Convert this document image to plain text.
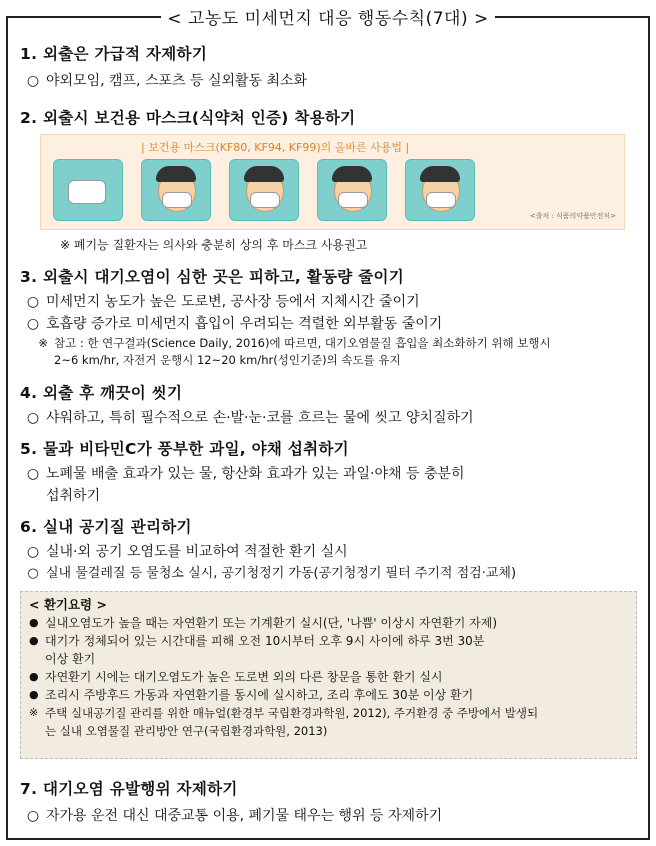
< 고농도 미세먼지 대응 행동수칙(7대) >

1. 외출은 가급적 자제하기

○ 야외모임, 캠프, 스포츠 등 실외활동 최소화

2. 외출시 보건용 마스크(식약처 인증) 착용하기

| 보건용 마스크(KF80, KF94, KF99)의 올바른 사용법 |
<출처 : 식품의약품안전처>
※ 폐기능 질환자는 의사와 충분히 상의 후 마스크 사용권고

3. 외출시 대기오염이 심한 곳은 피하고, 활동량 줄이기

○ 미세먼지 농도가 높은 도로변, 공사장 등에서 지체시간 줄이기
○ 호흡량 증가로 미세먼지 흡입이 우려되는 격렬한 외부활동 줄이기
※ 참고 : 한 연구결과(Science Daily, 2016)에 따르면, 대기오염물질 흡입을 최소화하기 위해 보행시
2~6 km/hr, 자전거 운행시 12~20 km/hr(성인기준)의 속도를 유지

4. 외출 후 깨끗이 씻기

○ 샤워하고, 특히 필수적으로 손·발·눈·코를 흐르는 물에 씻고 양치질하기

5. 물과 비타민C가 풍부한 과일, 야채 섭취하기

○ 노폐물 배출 효과가 있는 물, 항산화 효과가 있는 과일·야채 등 충분히
섭취하기

6. 실내 공기질 관리하기

○ 실내·외 공기 오염도를 비교하여 적절한 환기 실시
○ 실내 물걸레질 등 물청소 실시, 공기청정기 가동(공기청정기 필터 주기적 점검·교체)
< 환기요령 >
● 실내오염도가 높을 때는 자연환기 또는 기계환기 실시(단, '나쁨' 이상시 자연환기 자제)
● 대기가 정체되어 있는 시간대를 피해 오전 10시부터 오후 9시 사이에 하루 3번 30분
이상 환기
● 자연환기 시에는 대기오염도가 높은 도로변 외의 다른 창문을 통한 환기 실시
● 조리시 주방후드 가동과 자연환기를 동시에 실시하고, 조리 후에도 30분 이상 환기
※ 주택 실내공기질 관리를 위한 매뉴얼(환경부 국립환경과학원, 2012), 주거환경 중 주방에서 발생되
는 실내 오염물질 관리방안 연구(국립환경과학원, 2013)

7. 대기오염 유발행위 자제하기

○ 자가용 운전 대신 대중교통 이용, 폐기물 태우는 행위 등 자제하기
